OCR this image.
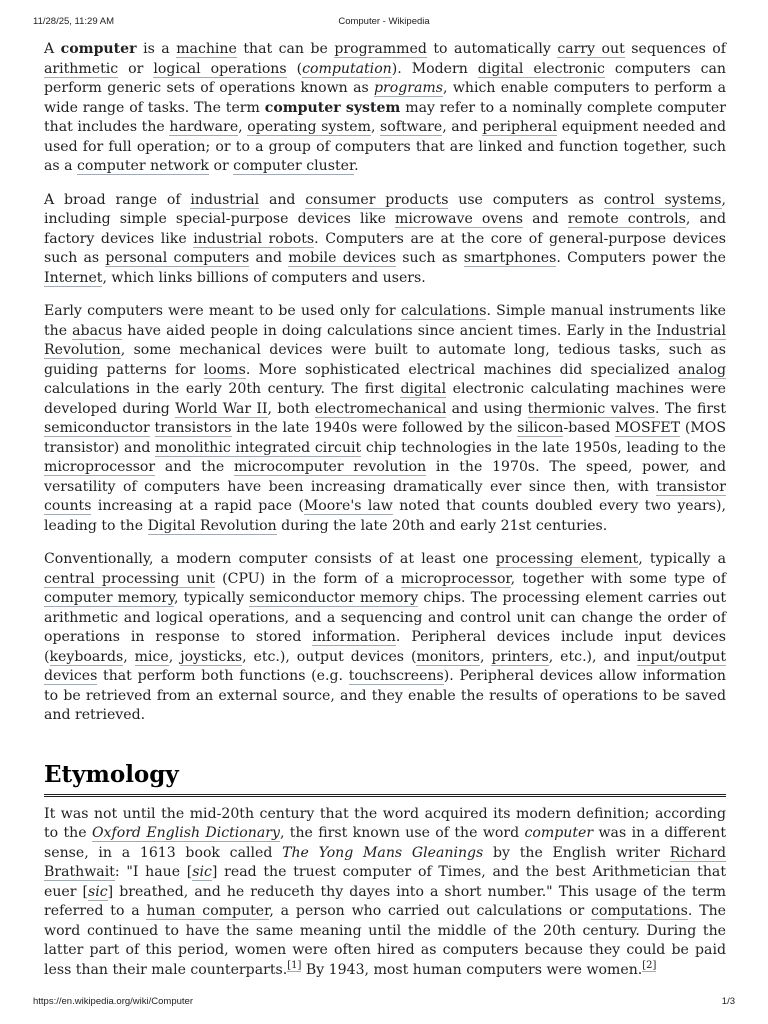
11/28/25, 11:29 AM	Computer - Wikipedia

A computer is a machine that can be programmed to automatically carry out sequences of arithmetic or logical operations (computation). Modern digital electronic computers can perform generic sets of operations known as programs, which enable computers to perform a wide range of tasks. The term computer system may refer to a nominally complete computer that includes the hardware, operating system, software, and peripheral equipment needed and used for full operation; or to a group of computers that are linked and function together, such as a computer network or computer cluster.

A broad range of industrial and consumer products use computers as control systems, including simple special-purpose devices like microwave ovens and remote controls, and factory devices like industrial robots. Computers are at the core of general-purpose devices such as personal computers and mobile devices such as smartphones. Computers power the Internet, which links billions of computers and users.

Early computers were meant to be used only for calculations. Simple manual instruments like the abacus have aided people in doing calculations since ancient times. Early in the Industrial Revolution, some mechanical devices were built to automate long, tedious tasks, such as guiding patterns for looms. More sophisticated electrical machines did specialized analog calculations in the early 20th century. The first digital electronic calculating machines were developed during World War II, both electromechanical and using thermionic valves. The first semiconductor transistors in the late 1940s were followed by the silicon-based MOSFET (MOS transistor) and monolithic integrated circuit chip technologies in the late 1950s, leading to the microprocessor and the microcomputer revolution in the 1970s. The speed, power, and versatility of computers have been increasing dramatically ever since then, with transistor counts increasing at a rapid pace (Moore's law noted that counts doubled every two years), leading to the Digital Revolution during the late 20th and early 21st centuries.

Conventionally, a modern computer consists of at least one processing element, typically a central processing unit (CPU) in the form of a microprocessor, together with some type of computer memory, typically semiconductor memory chips. The processing element carries out arithmetic and logical operations, and a sequencing and control unit can change the order of operations in response to stored information. Peripheral devices include input devices (keyboards, mice, joysticks, etc.), output devices (monitors, printers, etc.), and input/output devices that perform both functions (e.g. touchscreens). Peripheral devices allow information to be retrieved from an external source, and they enable the results of operations to be saved and retrieved.

Etymology

It was not until the mid-20th century that the word acquired its modern definition; according to the Oxford English Dictionary, the first known use of the word computer was in a different sense, in a 1613 book called The Yong Mans Gleanings by the English writer Richard Brathwait: "I haue [sic] read the truest computer of Times, and the best Arithmetician that euer [sic] breathed, and he reduceth thy dayes into a short number." This usage of the term referred to a human computer, a person who carried out calculations or computations. The word continued to have the same meaning until the middle of the 20th century. During the latter part of this period, women were often hired as computers because they could be paid less than their male counterparts.[1] By 1943, most human computers were women.[2]

https://en.wikipedia.org/wiki/Computer	1/3
